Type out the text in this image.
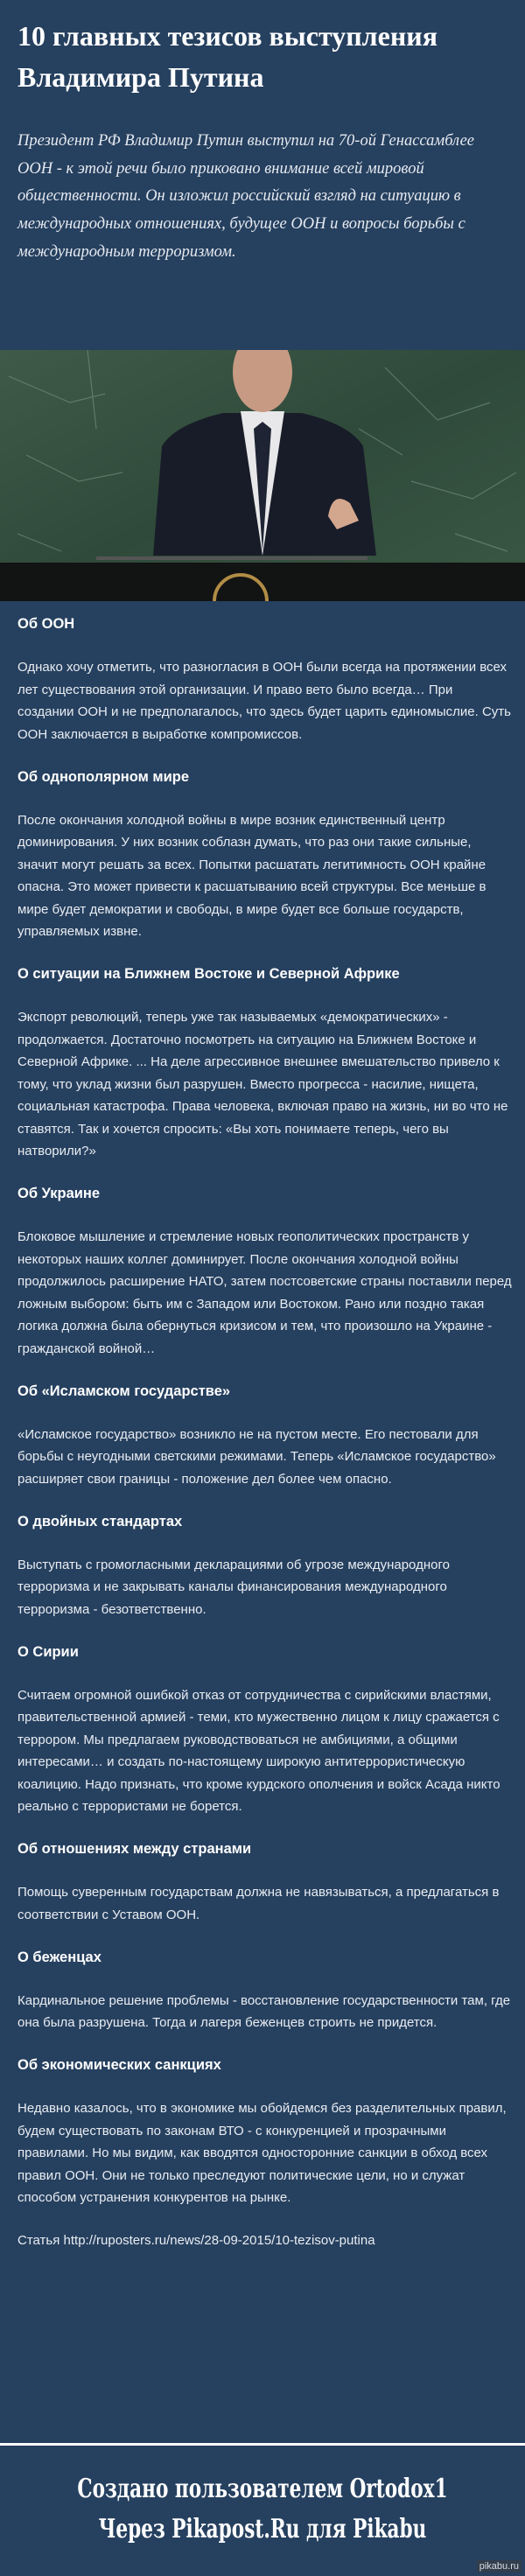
10 главных тезисов выступления Владимира Путина

Президент РФ Владимир Путин выступил на 70-ой Генассамблее ООН - к этой речи было приковано внимание всей мировой общественности. Он изложил российский взгляд на ситуацию в международных отношениях, будущее ООН и вопросы борьбы с международным терроризмом.

Об ООН

Однако хочу отметить, что разногласия в ООН были всегда на протяжении всех лет существования этой организации. И право вето было всегда… При создании ООН и не предполагалось, что здесь будет царить единомыслие. Суть ООН заключается в выработке компромиссов.

Об однополярном мире

После окончания холодной войны в мире возник единственный центр доминирования. У них возник соблазн думать, что раз они такие сильные, значит могут решать за всех. Попытки расшатать легитимность ООН крайне опасна. Это может привести к расшатыванию всей структуры. Все меньше в мире будет демократии и свободы, в мире будет все больше государств, управляемых извне.

О ситуации на Ближнем Востоке и Северной Африке

Экспорт революций, теперь уже так называемых «демократических» - продолжается. Достаточно посмотреть на ситуацию на Ближнем Востоке и Северной Африке. ... На деле агрессивное внешнее вмешательство привело к тому, что уклад жизни был разрушен. Вместо прогресса - насилие, нищета, социальная катастрофа. Права человека, включая право на жизнь, ни во что не ставятся. Так и хочется спросить: «Вы хоть понимаете теперь, чего вы натворили?»

Об Украине

Блоковое мышление и стремление новых геополитических пространств у некоторых наших коллег доминирует. После окончания холодной войны продолжилось расширение НАТО, затем постсоветские страны поставили перед ложным выбором: быть им с Западом или Востоком. Рано или поздно такая логика должна была обернуться кризисом и тем, что произошло на Украине - гражданской войной…

Об «Исламском государстве»

«Исламское государство» возникло не на пустом месте. Его пестовали для борьбы с неугодными светскими режимами. Теперь «Исламское государство» расширяет свои границы - положение дел более чем опасно.

О двойных стандартах

Выступать с громогласными декларациями об угрозе международного терроризма и не закрывать каналы финансирования международного терроризма - безответственно.

О Сирии

Считаем огромной ошибкой отказ от сотрудничества с сирийскими властями, правительственной армией - теми, кто мужественно лицом к лицу сражается с террором. Мы предлагаем руководствоваться не амбициями, а общими интересами… и создать по-настоящему широкую антитеррористическую коалицию. Надо признать, что кроме курдского ополчения и войск Асада никто реально с террористами не борется.

Об отношениях между странами

Помощь суверенным государствам должна не навязываться, а предлагаться в соответствии с Уставом ООН.

О беженцах

Кардинальное решение проблемы - восстановление государственности там, где она была разрушена. Тогда и лагеря беженцев строить не придется.

Об экономических санкциях

Недавно казалось, что в экономике мы обойдемся без разделительных правил, будем существовать по законам ВТО - с конкуренцией и прозрачными правилами. Но мы видим, как вводятся односторонние санкции в обход всех правил ООН. Они не только преследуют политические цели, но и служат способом устранения конкурентов на рынке.

Статья http://ruposters.ru/news/28-09-2015/10-tezisov-putina

Создано пользователем Ortodox1
Через Pikapost.Ru для Pikabu
pikabu.ru
